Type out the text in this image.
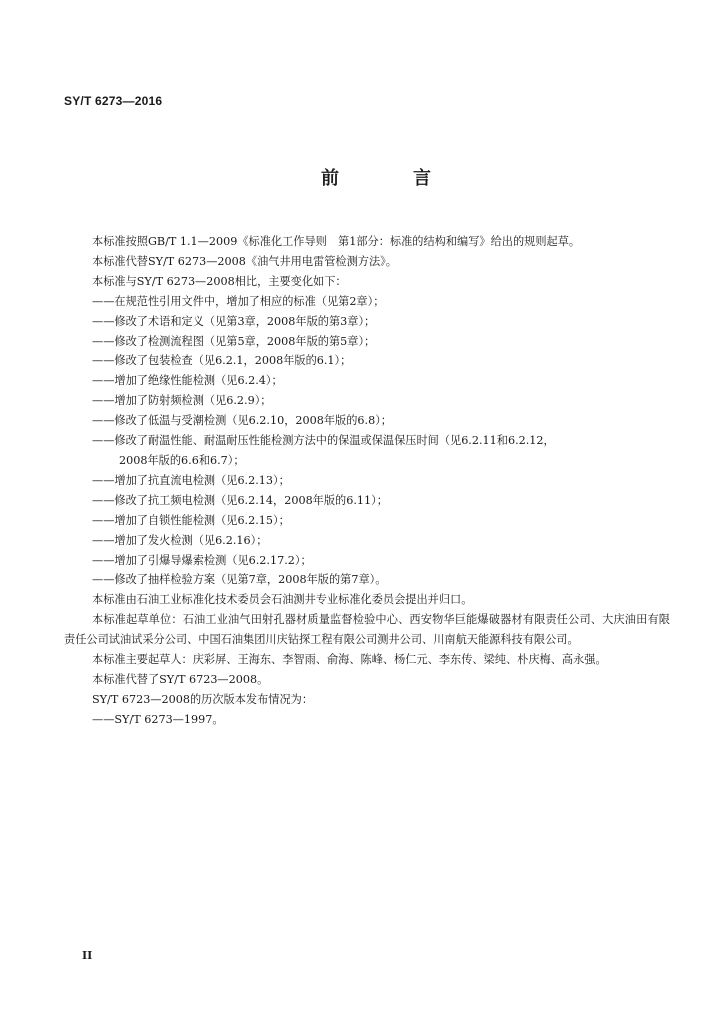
SY/T 6273—2016
前　言

本标准按照GB/T 1.1—2009《标准化工作导则　第1部分：标准的结构和编写》给出的规则起草。

本标准代替SY/T 6273—2008《油气井用电雷管检测方法》。

本标准与SY/T 6273—2008相比，主要变化如下：

——在规范性引用文件中，增加了相应的标准（见第2章）；

——修改了术语和定义（见第3章，2008年版的第3章）；

——修改了检测流程图（见第5章，2008年版的第5章）；

——修改了包装检查（见6.2.1，2008年版的6.1）；

——增加了绝缘性能检测（见6.2.4）；

——增加了防射频检测（见6.2.9）；

——修改了低温与受潮检测（见6.2.10，2008年版的6.8）；

——修改了耐温性能、耐温耐压性能检测方法中的保温或保温保压时间（见6.2.11和6.2.12，

2008年版的6.6和6.7）；

——增加了抗直流电检测（见6.2.13）；

——修改了抗工频电检测（见6.2.14，2008年版的6.11）；

——增加了自锁性能检测（见6.2.15）；

——增加了发火检测（见6.2.16）；

——增加了引爆导爆索检测（见6.2.17.2）；

——修改了抽样检验方案（见第7章，2008年版的第7章）。

本标准由石油工业标准化技术委员会石油测井专业标准化委员会提出并归口。

本标准起草单位：石油工业油气田射孔器材质量监督检验中心、西安物华巨能爆破器材有限责任公司、大庆油田有限责任公司试油试采分公司、中国石油集团川庆钻探工程有限公司测井公司、川南航天能源科技有限公司。

本标准主要起草人：庆彩屏、王海东、李智雨、俞海、陈峰、杨仁元、李东传、梁纯、朴庆梅、高永强。

本标准代替了SY/T 6723—2008。

SY/T 6723—2008的历次版本发布情况为：

——SY/T 6273—1997。

II
